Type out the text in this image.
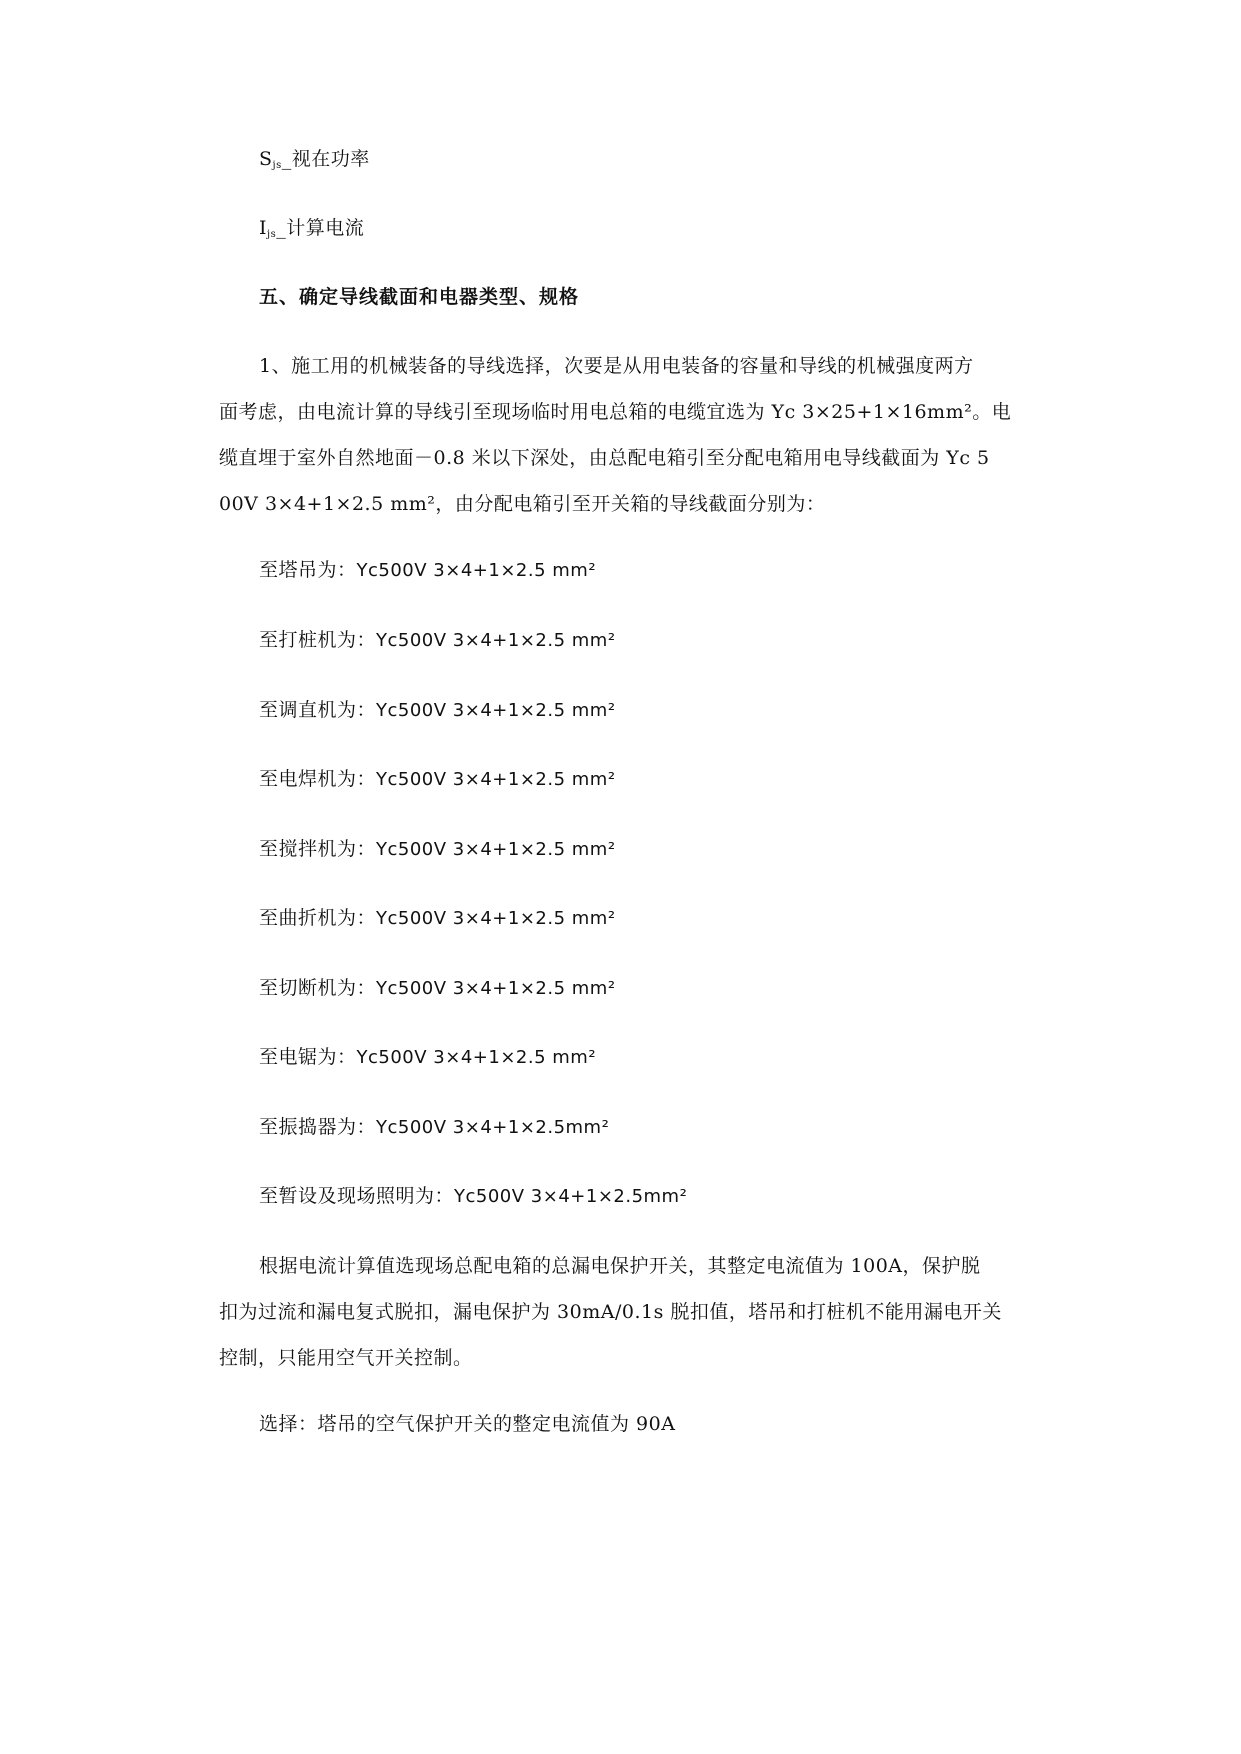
$S_{js}\_$视在功率
$I_{js}\_$计算电流
五、确定导线截面和电器类型、规格
1、施工用的机械装备的导线选择，次要是从用电装备的容量和导线的机械强度两方
面考虑，由电流计算的导线引至现场临时用电总箱的电缆宜选为 Yc 3×25+1×16mm²。电
缆直埋于室外自然地面－0.8 米以下深处，由总配电箱引至分配电箱用电导线截面为 Yc 5
00V 3×4+1×2.5 mm²，由分配电箱引至开关箱的导线截面分别为：
至塔吊为：Yc500V 3×4+1×2.5 mm²
至打桩机为：Yc500V 3×4+1×2.5 mm²
至调直机为：Yc500V 3×4+1×2.5 mm²
至电焊机为：Yc500V 3×4+1×2.5 mm²
至搅拌机为：Yc500V 3×4+1×2.5 mm²
至曲折机为：Yc500V 3×4+1×2.5 mm²
至切断机为：Yc500V 3×4+1×2.5 mm²
至电锯为：Yc500V 3×4+1×2.5 mm²
至振捣器为：Yc500V 3×4+1×2.5mm²
至暂设及现场照明为：Yc500V 3×4+1×2.5mm²
根据电流计算值选现场总配电箱的总漏电保护开关，其整定电流值为 100A，保护脱
扣为过流和漏电复式脱扣，漏电保护为 30mA/0.1s 脱扣值，塔吊和打桩机不能用漏电开关
控制，只能用空气开关控制。
选择：塔吊的空气保护开关的整定电流值为 90A
